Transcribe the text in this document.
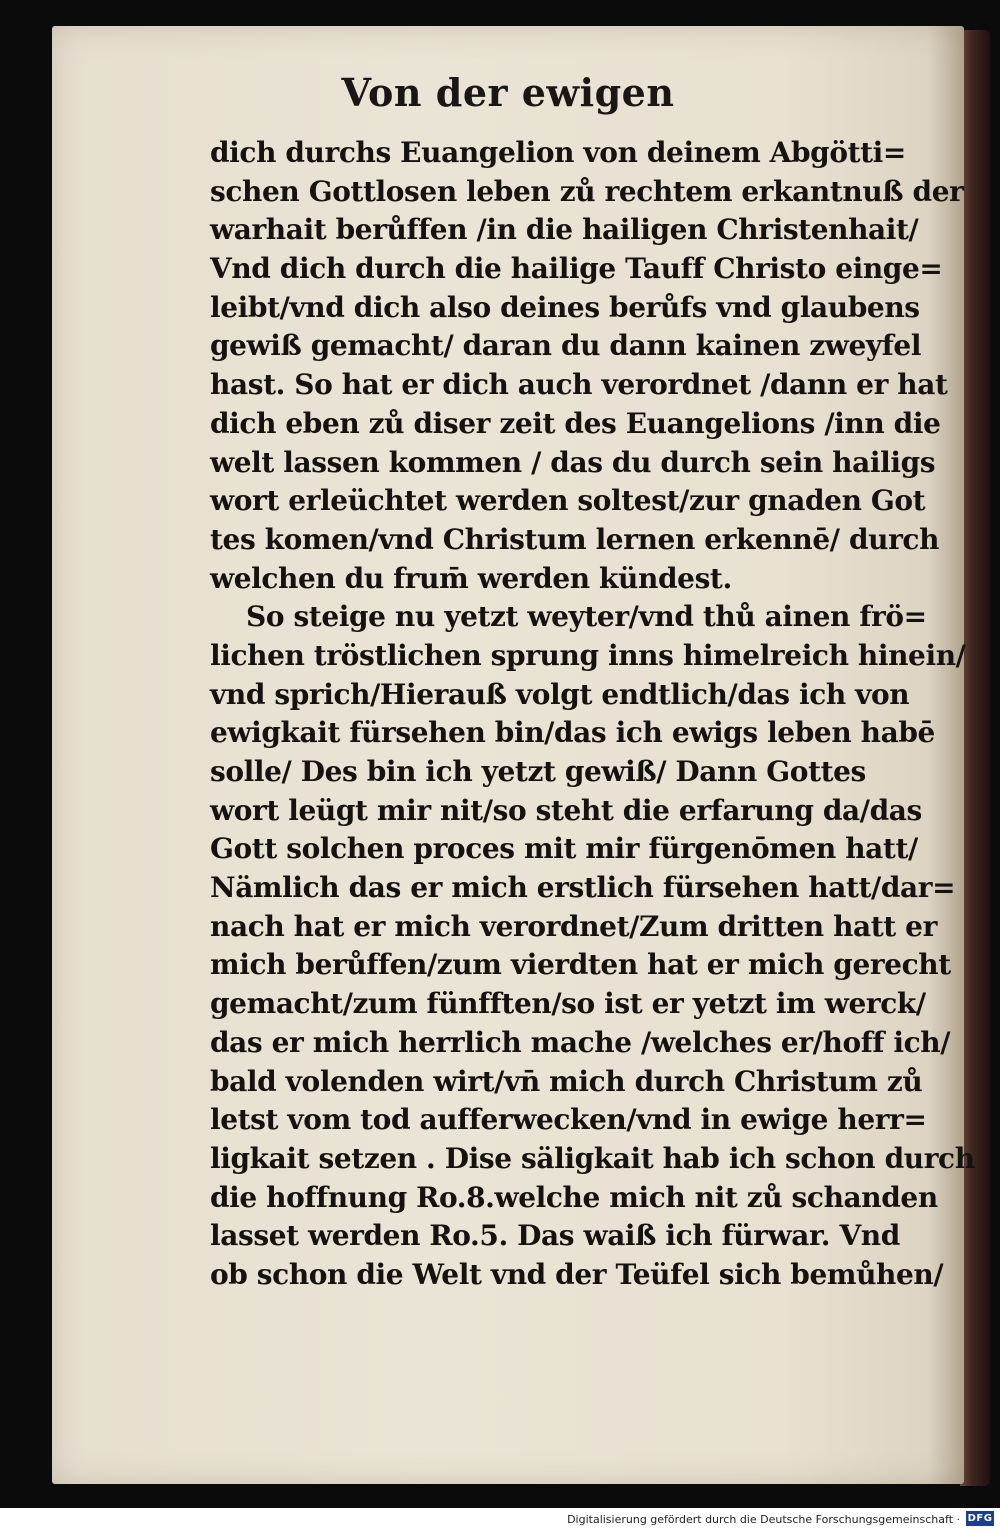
Von der ewigen
dich durchs Euangelion von deinem Abgötti=
schen Gottlosen leben zů rechtem erkantnuß der
warhait berůffen /in die hailigen Christenhait/
Vnd dich durch die hailige Tauff Christo einge=
leibt/vnd dich also deines berůfs vnd glaubens
gewiß gemacht/ daran du dann kainen zweyfel
hast. So hat er dich auch verordnet /dann er hat
dich eben zů diser zeit des Euangelions /inn die
welt lassen kommen / das du durch sein hailigs
wort erleüchtet werden soltest/zur gnaden Got
tes komen/vnd Christum lernen erkennē/ durch
welchen du frum̄ werden kündest.
So steige nu yetzt weyter/vnd thů ainen frö=
lichen tröstlichen sprung inns himelreich hinein/
vnd sprich/Hierauß volgt endtlich/das ich von
ewigkait fürsehen bin/das ich ewigs leben habē
solle/ Des bin ich yetzt gewiß/ Dann Gottes
wort leügt mir nit/so steht die erfarung da/das
Gott solchen proces mit mir fürgenōmen hatt/
Nämlich das er mich erstlich fürsehen hatt/dar=
nach hat er mich verordnet/Zum dritten hatt er
mich berůffen/zum vierdten hat er mich gerecht
gemacht/zum fünfften/so ist er yetzt im werck/
das er mich herrlich mache /welches er/hoff ich/
bald volenden wirt/vn̄ mich durch Christum zů
letst vom tod aufferwecken/vnd in ewige herr=
ligkait setzen . Dise säligkait hab ich schon durch
die hoffnung Ro.8.welche mich nit zů schanden
lasset werden Ro.5. Das waiß ich fürwar. Vnd
ob schon die Welt vnd der Teüfel sich bemůhen/
Digitalisierung gefördert durch die Deutsche Forschungsgemeinschaft · DFG
